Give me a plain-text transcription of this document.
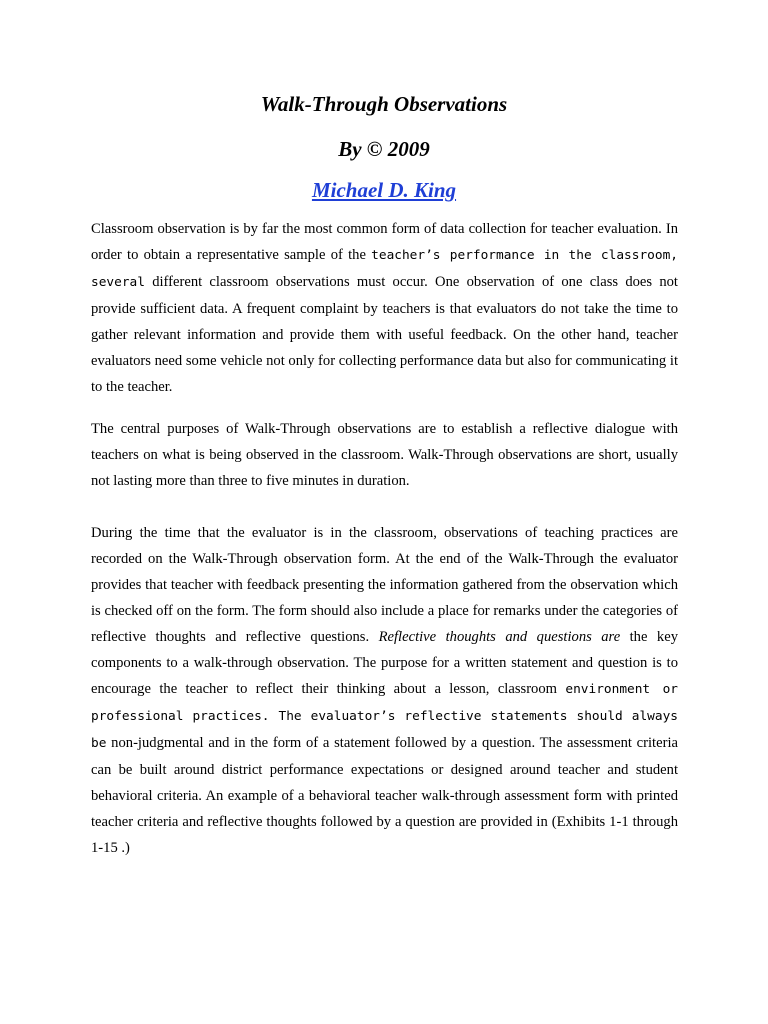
Walk-Through Observations
By © 2009
Michael D. King

Classroom observation is by far the most common form of data collection for teacher evaluation. In order to obtain a representative sample of the teacher’s performance in the classroom, several different classroom observations must occur. One observation of one class does not provide sufficient data. A frequent complaint by teachers is that evaluators do not take the time to gather relevant information and provide them with useful feedback. On the other hand, teacher evaluators need some vehicle not only for collecting performance data but also for communicating it to the teacher.

The central purposes of Walk-Through observations are to establish a reflective dialogue with teachers on what is being observed in the classroom. Walk-Through observations are short, usually not lasting more than three to five minutes in duration.

During the time that the evaluator is in the classroom, observations of teaching practices are recorded on the Walk-Through observation form. At the end of the Walk-Through the evaluator provides that teacher with feedback presenting the information gathered from the observation which is checked off on the form. The form should also include a place for remarks under the categories of reflective thoughts and reflective questions. Reflective thoughts and questions are the key components to a walk-through observation. The purpose for a written statement and question is to encourage the teacher to reflect their thinking about a lesson, classroom environment or professional practices. The evaluator’s reflective statements should always be non-judgmental and in the form of a statement followed by a question. The assessment criteria can be built around district performance expectations or designed around teacher and student behavioral criteria. An example of a behavioral teacher walk-through assessment form with printed teacher criteria and reflective thoughts followed by a question are provided in (Exhibits 1-1 through 1-15 .)
